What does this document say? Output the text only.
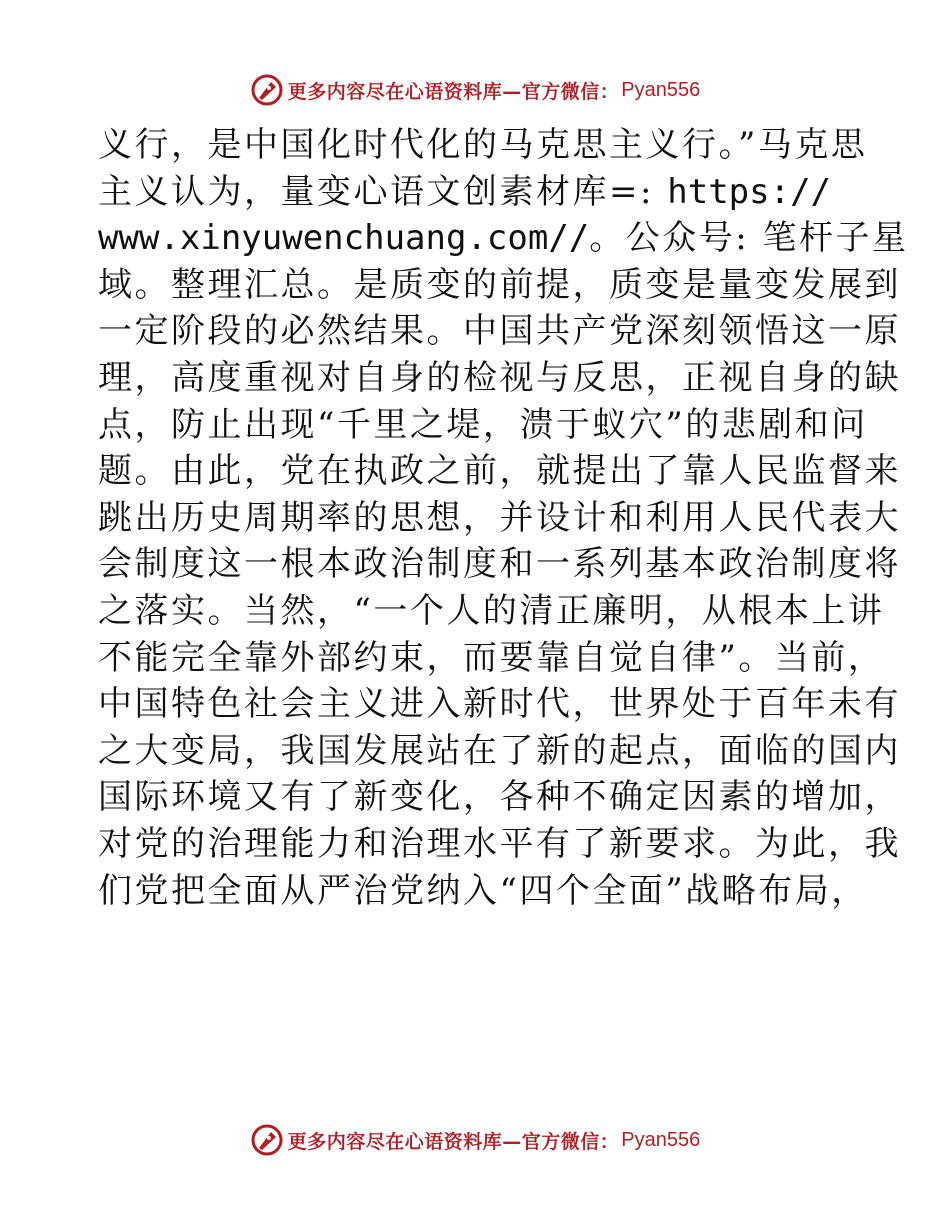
更多内容尽在心语资料库—官方微信： Pyan556
义行，是中国化时代化的马克思主义行。”马克思
主义认为，量变心语文创素材库=: https://
www.xinyuwenchuang.com//。公众号: 笔杆子星
域。整理汇总。是质变的前提，质变是量变发展到
一定阶段的必然结果。中国共产党深刻领悟这一原
理，高度重视对自身的检视与反思，正视自身的缺
点，防止出现“千里之堤，溃于蚁穴”的悲剧和问
题。由此，党在执政之前，就提出了靠人民监督来
跳出历史周期率的思想，并设计和利用人民代表大
会制度这一根本政治制度和一系列基本政治制度将
之落实。当然，“一个人的清正廉明，从根本上讲
不能完全靠外部约束，而要靠自觉自律”。当前，
中国特色社会主义进入新时代，世界处于百年未有
之大变局，我国发展站在了新的起点，面临的国内
国际环境又有了新变化，各种不确定因素的增加，
对党的治理能力和治理水平有了新要求。为此，我
们党把全面从严治党纳入“四个全面”战略布局，
更多内容尽在心语资料库—官方微信： Pyan556
